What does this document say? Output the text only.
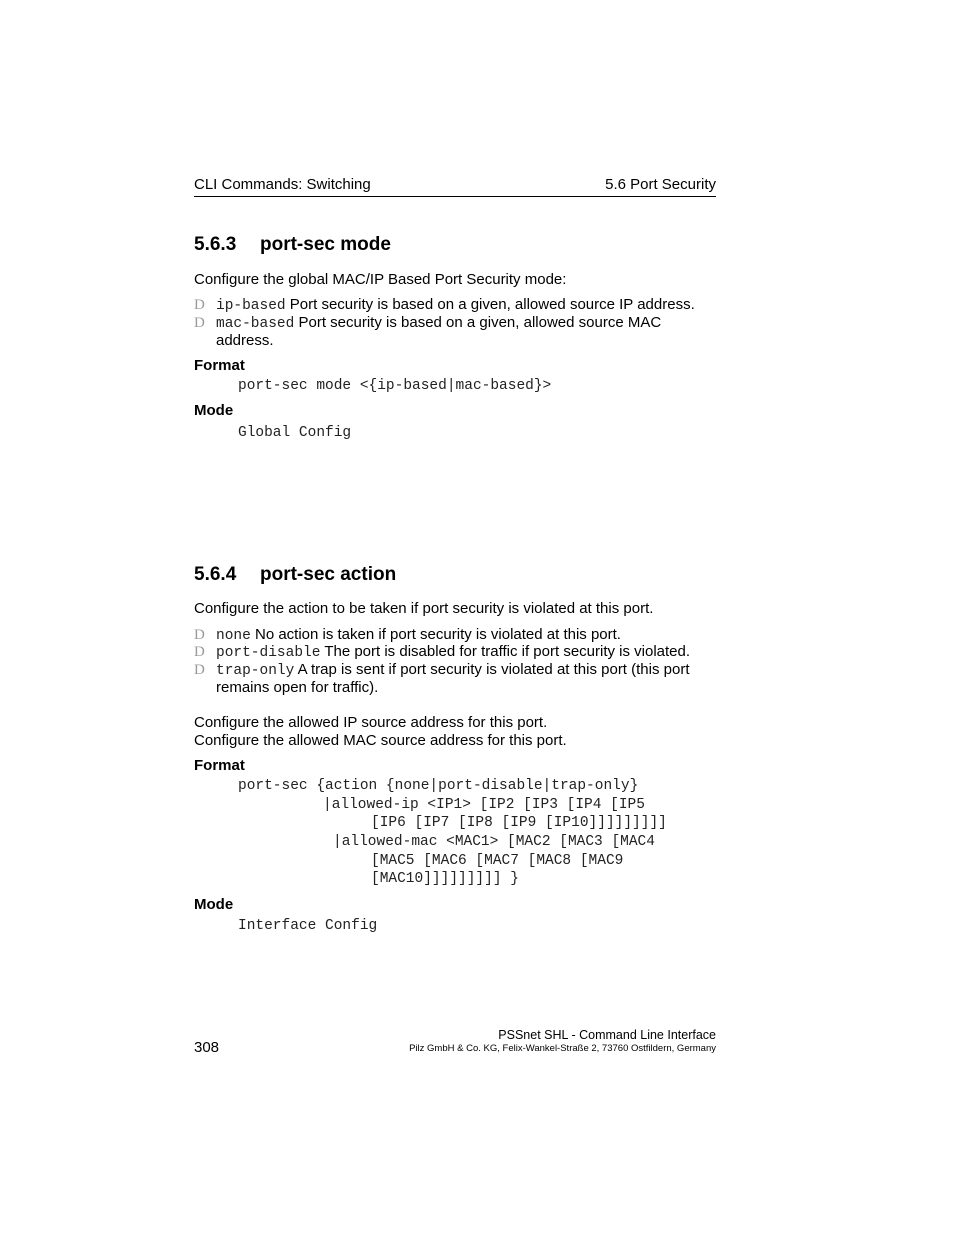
CLI Commands: Switching	5.6 Port Security
5.6.3 port-sec mode
Configure the global MAC/IP Based Port Security mode:
D ip-based Port security is based on a given, allowed source IP address.
D mac-based Port security is based on a given, allowed source MAC
address.
Format
port-sec mode <{ip-based|mac-based}>
Mode
Global Config
5.6.4 port-sec action
Configure the action to be taken if port security is violated at this port.
D none No action is taken if port security is violated at this port.
D port-disable The port is disabled for traffic if port security is violated.
D trap-only A trap is sent if port security is violated at this port (this port
remains open for traffic).
Configure the allowed IP source address for this port.
Configure the allowed MAC source address for this port.
Format
port-sec {action {none|port-disable|trap-only}
|allowed-ip <IP1> [IP2 [IP3 [IP4 [IP5
[IP6 [IP7 [IP8 [IP9 [IP10]]]]]]]]]
|allowed-mac <MAC1> [MAC2 [MAC3 [MAC4
[MAC5 [MAC6 [MAC7 [MAC8 [MAC9
[MAC10]]]]]]]]] }
Mode
Interface Config
308
PSSnet SHL - Command Line Interface
Pilz GmbH & Co. KG, Felix-Wankel-Straße 2, 73760 Ostfildern, Germany
